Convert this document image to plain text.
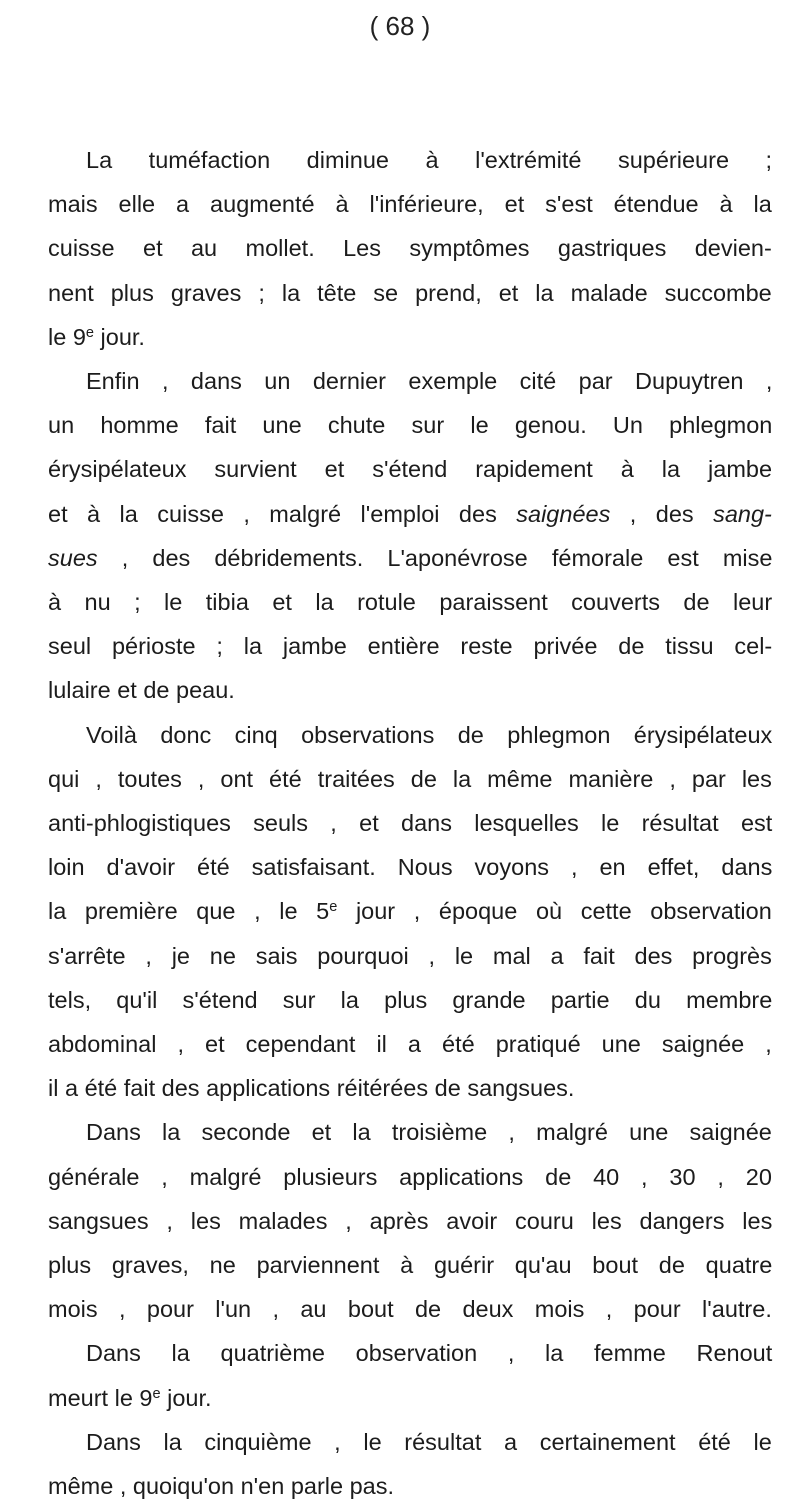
( 68 )
La tuméfaction diminue à l'extrémité supérieure ;
mais elle a augmenté à l'inférieure, et s'est étendue à la
cuisse et au mollet. Les symptômes gastriques devien-
nent plus graves ; la tête se prend, et la malade succombe
le 9e jour.
Enfin , dans un dernier exemple cité par Dupuytren ,
un homme fait une chute sur le genou. Un phlegmon
érysipélateux survient et s'étend rapidement à la jambe
et à la cuisse , malgré l'emploi des saignées , des sang-
sues , des débridements. L'aponévrose fémorale est mise
à nu ; le tibia et la rotule paraissent couverts de leur
seul périoste ; la jambe entière reste privée de tissu cel-
lulaire et de peau.
Voilà donc cinq observations de phlegmon érysipélateux
qui , toutes , ont été traitées de la même manière , par les
anti-phlogistiques seuls , et dans lesquelles le résultat est
loin d'avoir été satisfaisant. Nous voyons , en effet, dans
la première que , le 5e jour , époque où cette observation
s'arrête , je ne sais pourquoi , le mal a fait des progrès
tels, qu'il s'étend sur la plus grande partie du membre
abdominal , et cependant il a été pratiqué une saignée ,
il a été fait des applications réitérées de sangsues.
Dans la seconde et la troisième , malgré une saignée
générale , malgré plusieurs applications de 40 , 30 , 20
sangsues , les malades , après avoir couru les dangers les
plus graves, ne parviennent à guérir qu'au bout de quatre
mois , pour l'un , au bout de deux mois , pour l'autre.
Dans la quatrième observation , la femme Renout
meurt le 9e jour.
Dans la cinquième , le résultat a certainement été le
même , quoiqu'on n'en parle pas.
